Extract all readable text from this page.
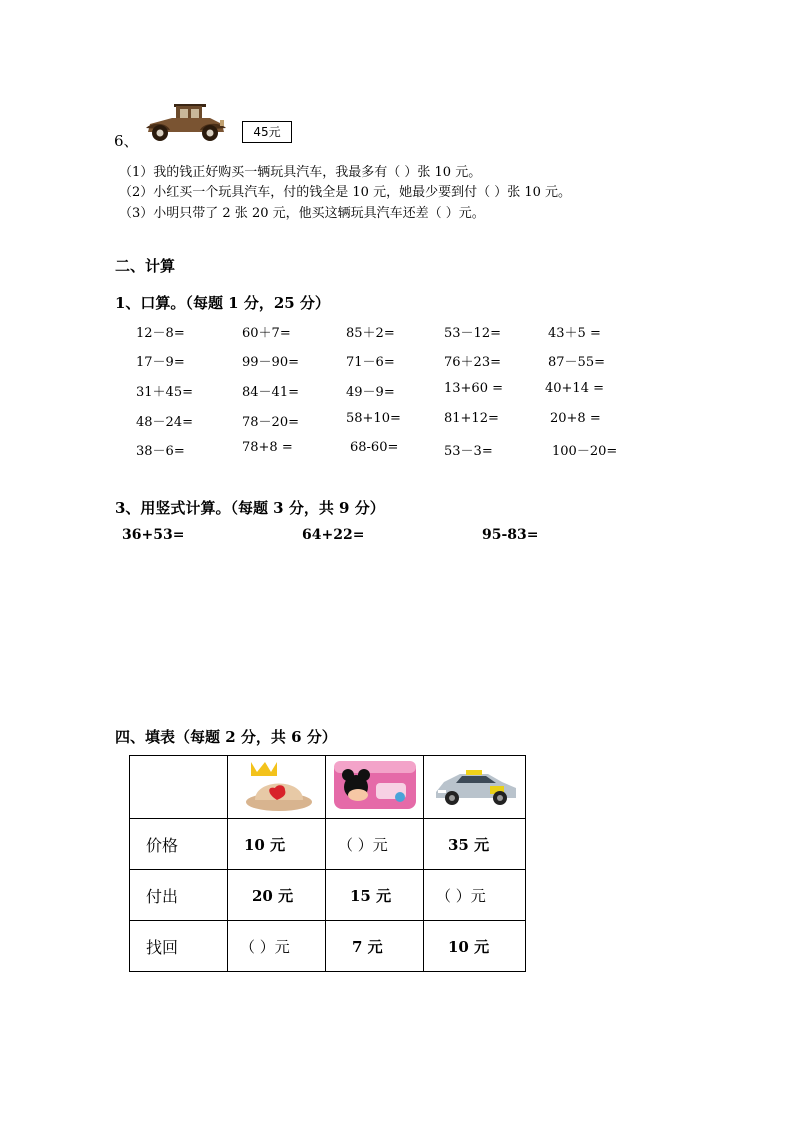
6、	45元
（1）我的钱正好购买一辆玩具汽车，我最多有（ ）张 10 元。
（2）小红买一个玩具汽车，付的钱全是 10 元，她最少要到付（ ）张 10 元。
（3）小明只带了 2 张 20 元，他买这辆玩具汽车还差（ ）元。
二、计算
1、口算。（每题 1 分，25 分）
12－8=	60＋7=	85＋2=	53－12=	43＋5 =
17－9=	99－90=	71－6=	76＋23=	87－55=
31＋45=	84－41=	49－9=	13+60 =	40+14 =
48－24=	78－20=	58+10=	81+12=	20+8 =
38－6=	78+8 =	68-60=	53－3=	100－20=
3、用竖式计算。（每题 3 分，共 9 分）
36+53=	64+22=	95-83=
四、填表（每题 2 分，共 6 分）

价格	10 元	（ ）元	35 元
付出	20 元	15 元	（ ）元
找回	（ ）元	7 元	10 元
